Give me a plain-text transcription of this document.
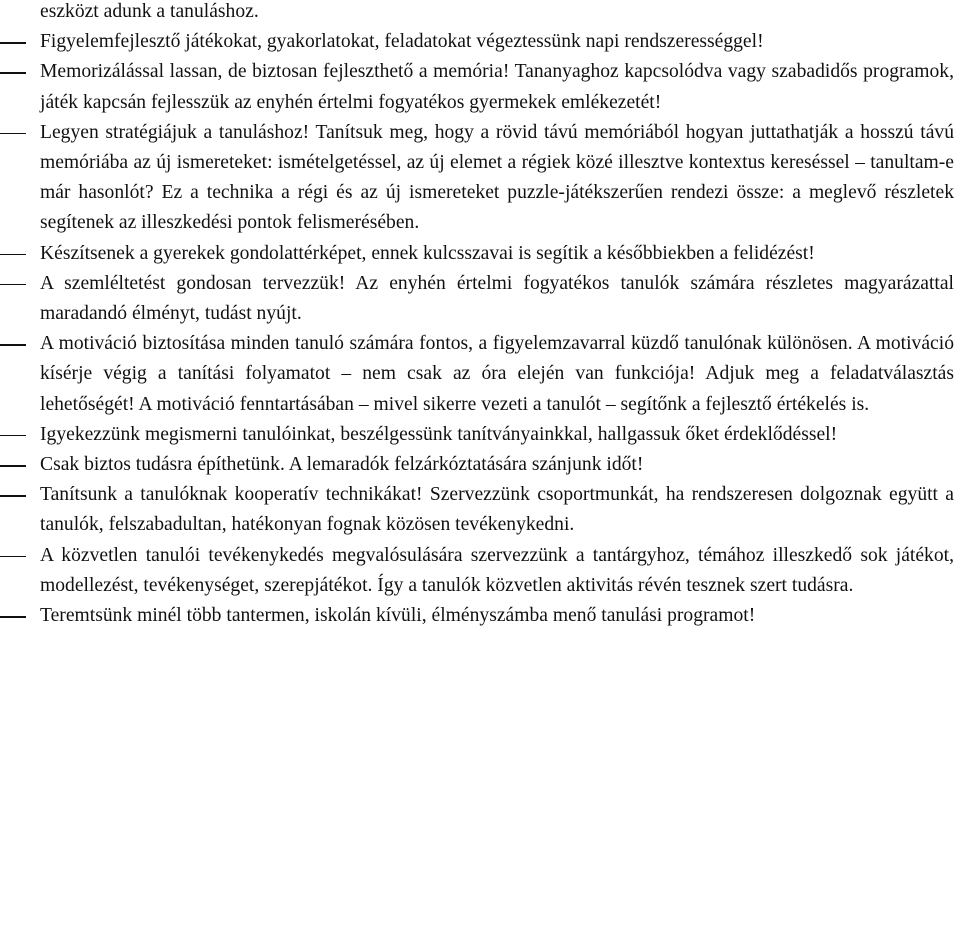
eszközt adunk a tanuláshoz.

Figyelemfejlesztő játékokat, gyakorlatokat, feladatokat végeztessünk napi rendszerességgel!
Memorizálással lassan, de biztosan fejleszthető a memória! Tananyaghoz kapcsolódva vagy szabadidős programok, játék kapcsán fejlesszük az enyhén értelmi fogyatékos gyermekek emlékezetét!
Legyen stratégiájuk a tanuláshoz! Tanítsuk meg, hogy a rövid távú memóriából hogyan juttathatják a hosszú távú memóriába az új ismereteket: ismételgetéssel, az új elemet a régiek közé illesztve kontextus kereséssel – tanultam-e már hasonlót? Ez a technika a régi és az új ismereteket puzzle-játékszerűen rendezi össze: a meglevő részletek segítenek az illeszkedési pontok felismerésében.
Készítsenek a gyerekek gondolattérképet, ennek kulcsszavai is segítik a későbbiekben a felidézést!
A szemléltetést gondosan tervezzük! Az enyhén értelmi fogyatékos tanulók számára részletes magyarázattal maradandó élményt, tudást nyújt.
A motiváció biztosítása minden tanuló számára fontos, a figyelemzavarral küzdő tanulónak különösen. A motiváció kísérje végig a tanítási folyamatot – nem csak az óra elején van funkciója! Adjuk meg a feladatválasztás lehetőségét! A motiváció fenntartásában – mivel sikerre vezeti a tanulót – segítőnk a fejlesztő értékelés is.
Igyekezzünk megismerni tanulóinkat, beszélgessünk tanítványainkkal, hallgassuk őket érdeklődéssel!
Csak biztos tudásra építhetünk. A lemaradók felzárkóztatására szánjunk időt!
Tanítsunk a tanulóknak kooperatív technikákat! Szervezzünk csoportmunkát, ha rendszeresen dolgoznak együtt a tanulók, felszabadultan, hatékonyan fognak közösen tevékenykedni.
A közvetlen tanulói tevékenykedés megvalósulására szervezzünk a tantárgyhoz, témához illeszkedő sok játékot, modellezést, tevékenységet, szerepjátékot. Így a tanulók közvetlen aktivitás révén tesznek szert tudásra.
Teremtsünk minél több tantermen, iskolán kívüli, élményszámba menő tanulási programot!
